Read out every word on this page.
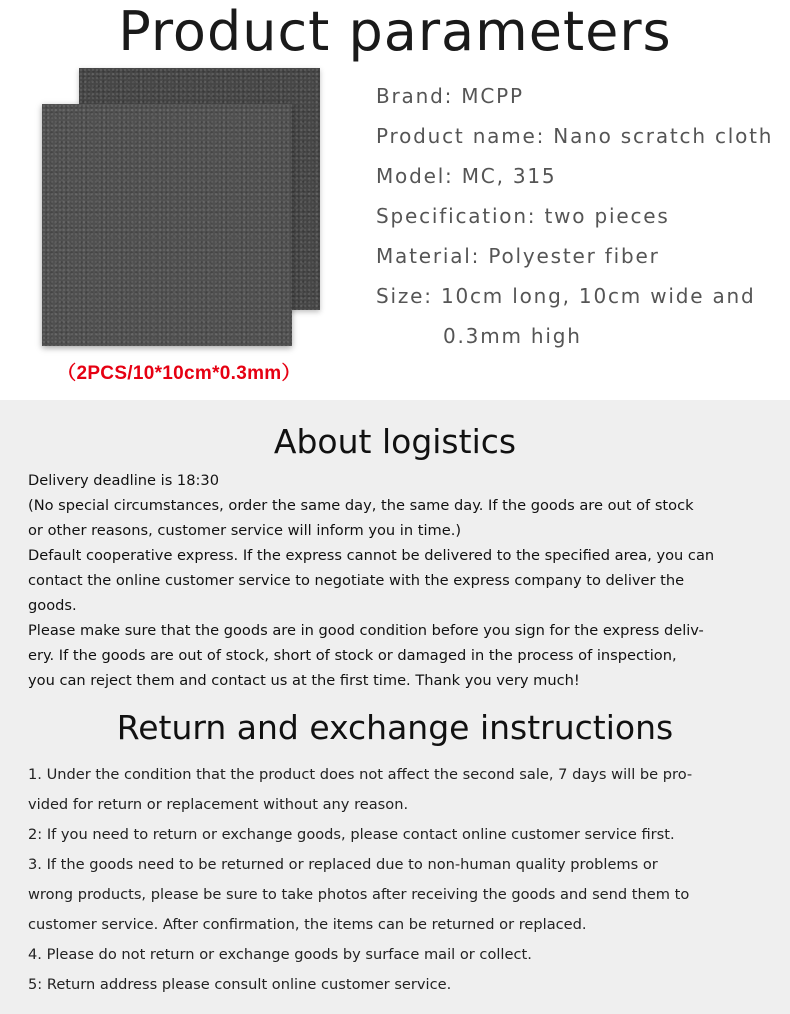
Product parameters
（2PCS/10*10cm*0.3mm）
Brand: MCPP
Product name: Nano scratch cloth
Model: MC, 315
Specification: two pieces
Material: Polyester fiber
Size: 10cm long, 10cm wide and
0.3mm high
About logistics

Delivery deadline is 18:30

(No special circumstances, order the same day, the same day. If the goods are out of stock

or other reasons, customer service will inform you in time.)

Default cooperative express. If the express cannot be delivered to the specified area, you can

contact the online customer service to negotiate with the express company to deliver the

goods.

Please make sure that the goods are in good condition before you sign for the express deliv-

ery. If the goods are out of stock, short of stock or damaged in the process of inspection,

you can reject them and contact us at the first time. Thank you very much!

Return and exchange instructions

1. Under the condition that the product does not affect the second sale, 7 days will be pro-

vided for return or replacement without any reason.

2: If you need to return or exchange goods, please contact online customer service first.

3. If the goods need to be returned or replaced due to non-human quality problems or

wrong products, please be sure to take photos after receiving the goods and send them to

customer service. After confirmation, the items can be returned or replaced.

4. Please do not return or exchange goods by surface mail or collect.

5: Return address please consult online customer service.
